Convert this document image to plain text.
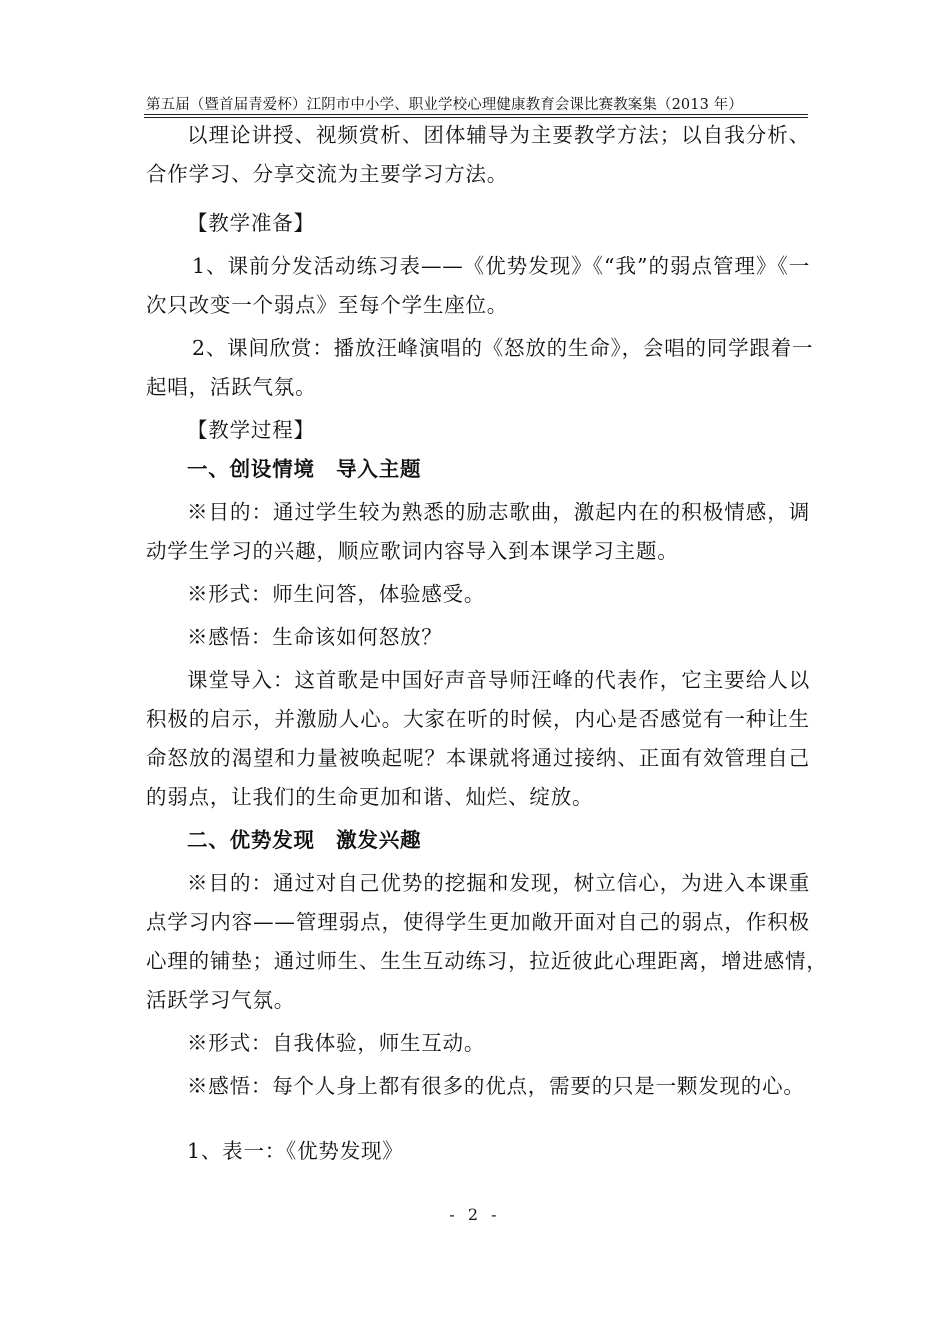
第五届（暨首届青爱杯）江阴市中小学、职业学校心理健康教育会课比赛教案集（2013 年）
以理论讲授、视频赏析、团体辅导为主要教学方法；以自我分析、
合作学习、分享交流为主要学习方法。
【教学准备】
1、课前分发活动练习表——《优势发现》《“我”的弱点管理》《一
次只改变一个弱点》至每个学生座位。
2、课间欣赏：播放汪峰演唱的《怒放的生命》，会唱的同学跟着一
起唱，活跃气氛。
【教学过程】
一、创设情境　导入主题
※目的：通过学生较为熟悉的励志歌曲，激起内在的积极情感，调
动学生学习的兴趣，顺应歌词内容导入到本课学习主题。
※形式：师生问答，体验感受。
※感悟：生命该如何怒放？
课堂导入：这首歌是中国好声音导师汪峰的代表作，它主要给人以
积极的启示，并激励人心。大家在听的时候，内心是否感觉有一种让生
命怒放的渴望和力量被唤起呢？本课就将通过接纳、正面有效管理自己
的弱点，让我们的生命更加和谐、灿烂、绽放。
二、优势发现　激发兴趣
※目的：通过对自己优势的挖掘和发现，树立信心，为进入本课重
点学习内容——管理弱点，使得学生更加敞开面对自己的弱点，作积极
心理的铺垫；通过师生、生生互动练习，拉近彼此心理距离，增进感情，
活跃学习气氛。
※形式：自我体验，师生互动。
※感悟：每个人身上都有很多的优点，需要的只是一颗发现的心。
1、表一：《优势发现》
- 2 -
